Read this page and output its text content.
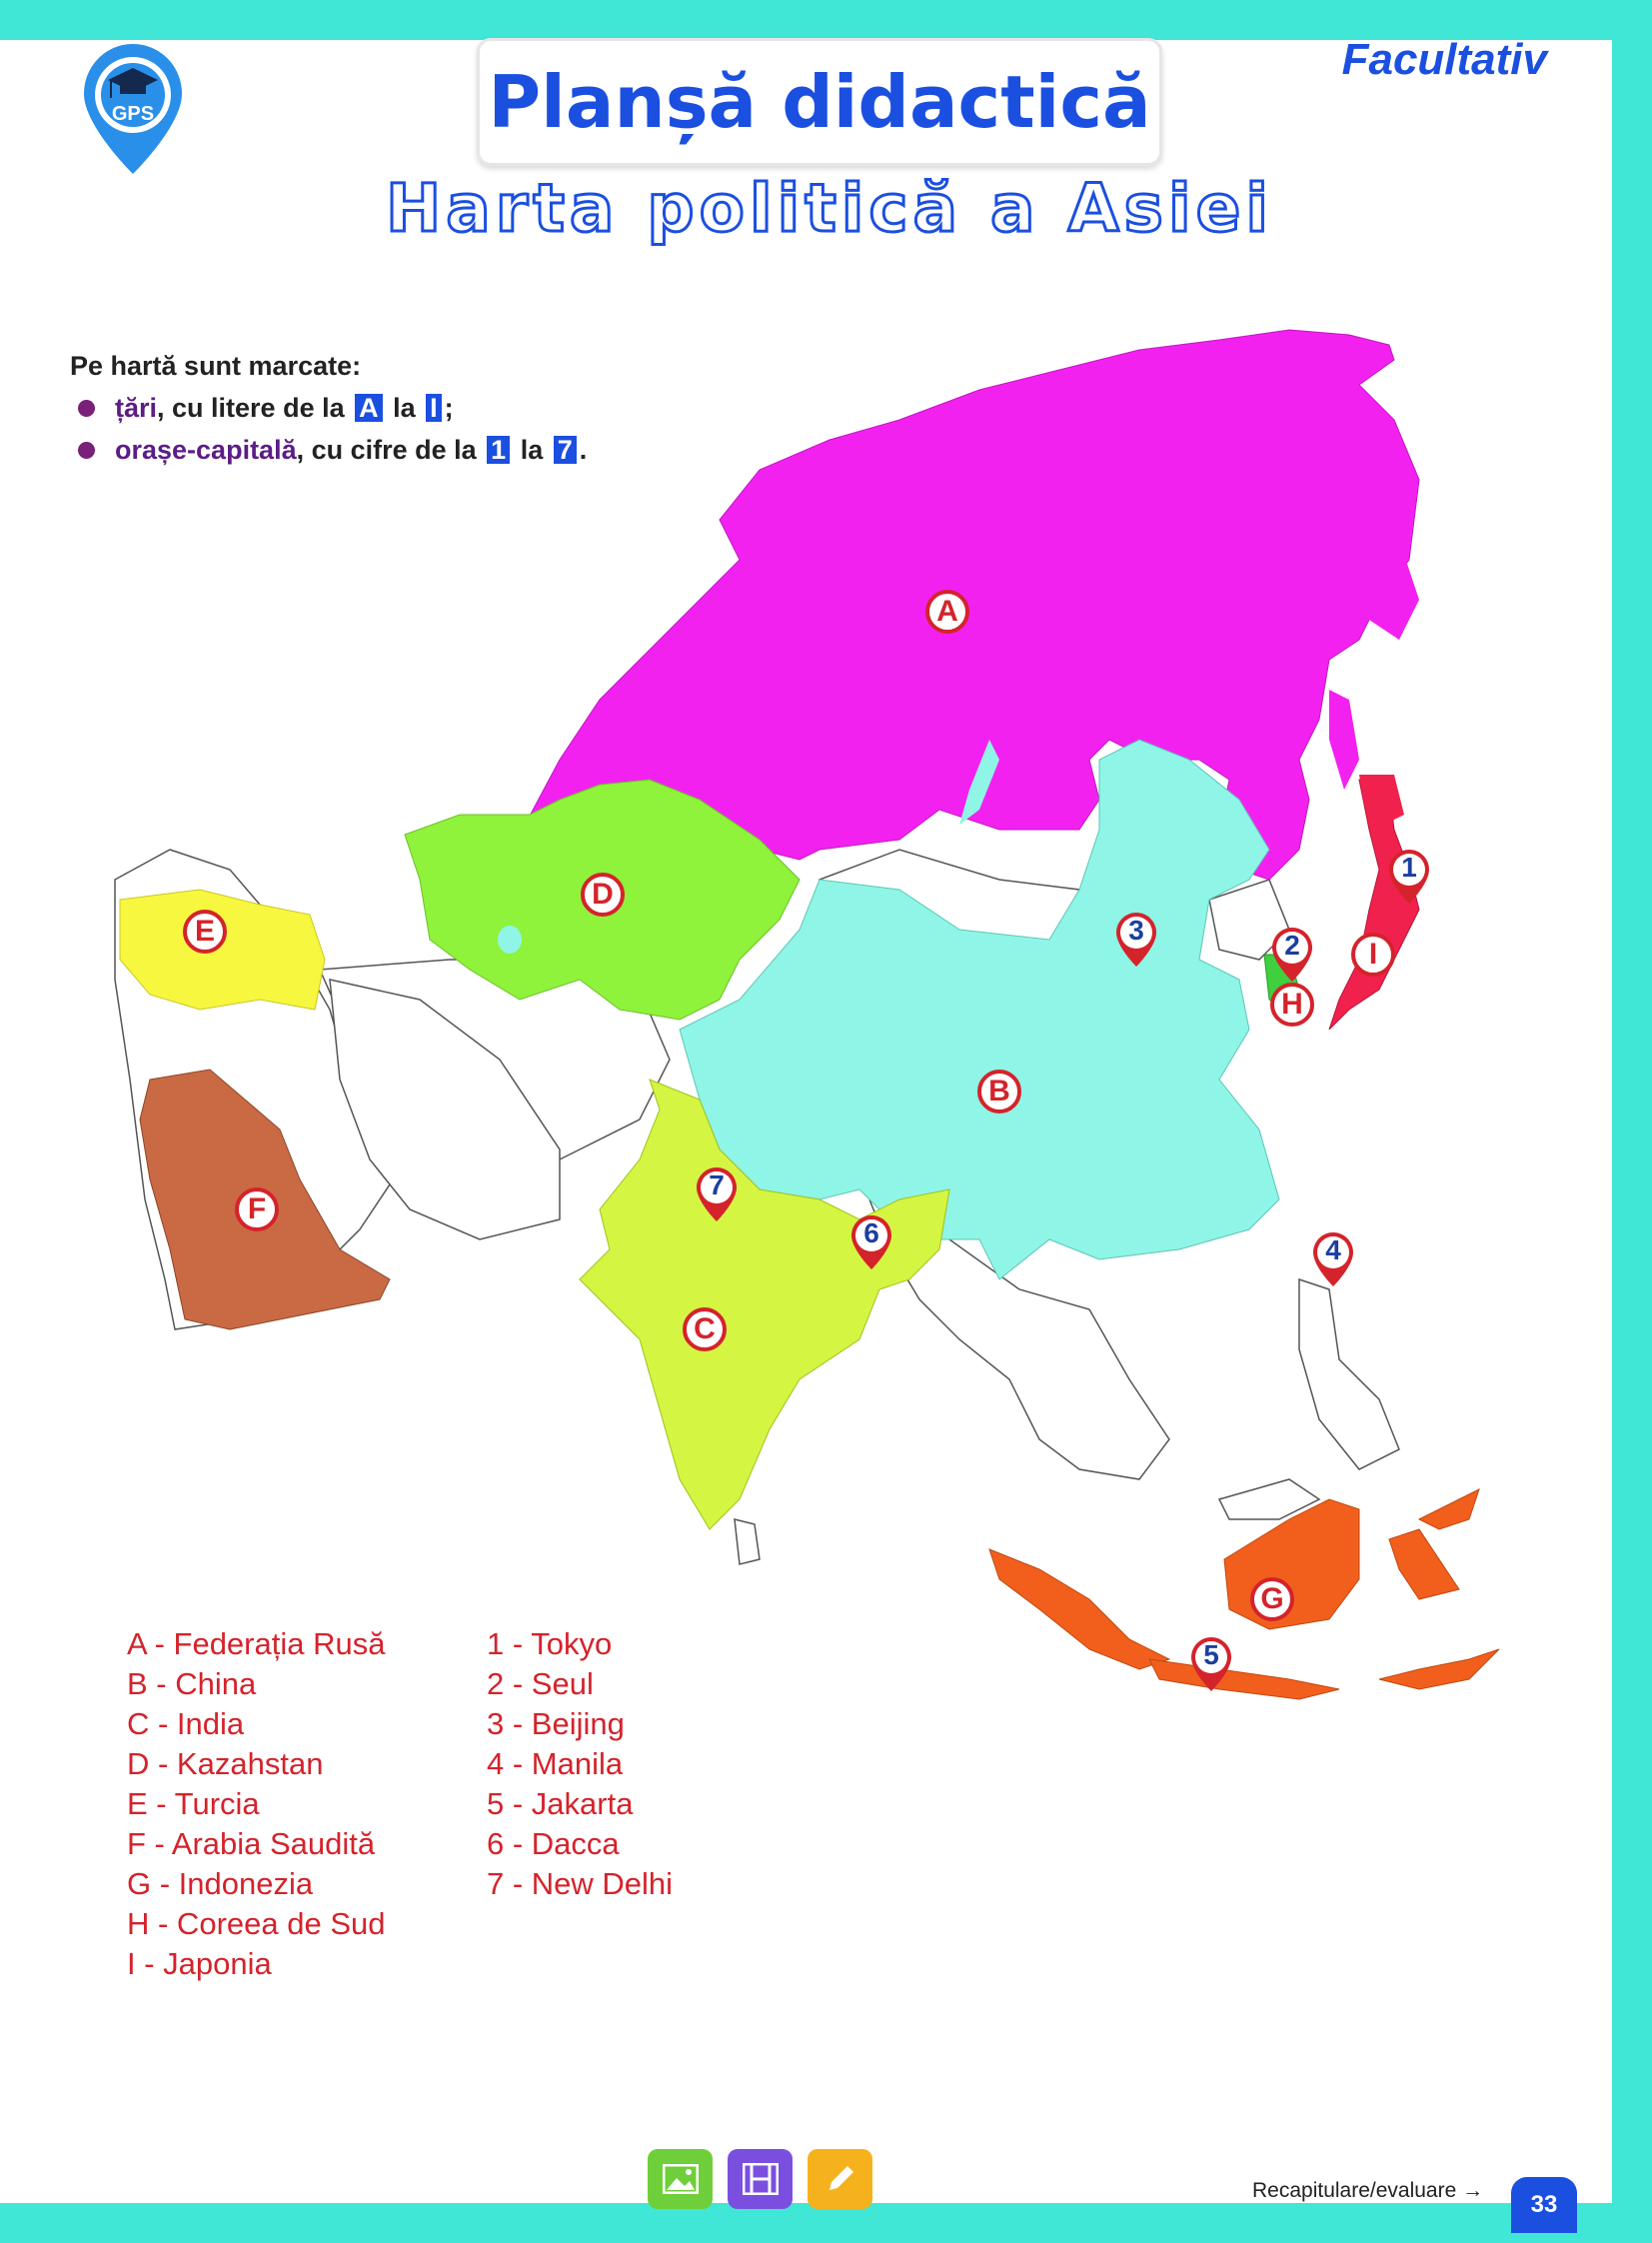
GPS	Planșă didactică
Harta politică a Asiei
Facultativ
Pe hartă sunt marcate:
țări , cu litere de la A la I ;
orașe-capitală , cu cifre de la 1 la 7 .
A
B
C
D
E
F
G
H
I
1
2
3
4
5
6
7
A - Federația Rusă
B - China
C - India
D - Kazahstan
E - Turcia
F - Arabia Saudită
G - Indonezia
H - Coreea de Sud
I - Japonia
1 - Tokyo
2 - Seul
3 - Beijing
4 - Manila
5 - Jakarta
6 - Dacca
7 - New Delhi
Recapitulare/evaluare →
33
